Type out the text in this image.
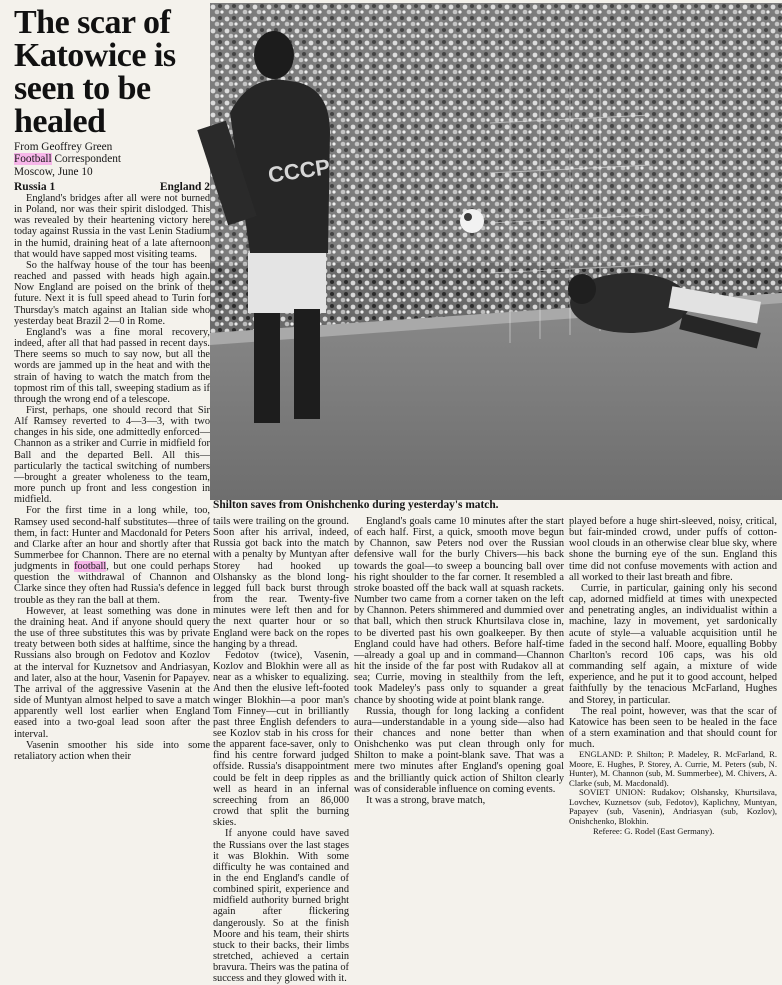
The scar of Katowice is seen to be healed
From Geoffrey Green
Football Correspondent
Moscow, June 10
Russia 1	England 2

England's bridges after all were not burned in Poland, nor was their spirit dislodged. This was revealed by their heartening victory here today against Russia in the vast Lenin Stadium in the humid, draining heat of a late afternoon that would have sapped most visiting teams.

So the halfway house of the tour has been reached and passed with heads high again. Now England are poised on the brink of the future. Next it is full speed ahead to Turin for Thursday's match against an Italian side who yesterday beat Brazil 2—0 in Rome.

England's was a fine moral recovery, indeed, after all that had passed in recent days. There seems so much to say now, but all the words are jammed up in the heat and with the strain of having to watch the match from the topmost rim of this tall, sweeping stadium as if through the wrong end of a telescope.

First, perhaps, one should record that Sir Alf Ramsey reverted to 4—3—3, with two changes in his side, one admittedly enforced—Channon as a striker and Currie in midfield for Ball and the departed Bell. All this—particularly the tactical switching of numbers—brought a greater wholeness to the team, more punch up front and less congestion in midfield.

For the first time in a long while, too, Ramsey used second-half substitutes—three of them, in fact: Hunter and Macdonald for Peters and Clarke after an hour and shortly after that Summerbee for Channon. There are no eternal judgments in football, but one could perhaps question the withdrawal of Channon and Clarke since they often had Russia's defence in trouble as they ran the ball at them.

However, at least something was done in the draining heat. And if anyone should query the use of three substitutes this was by private treaty between both sides at halftime, since the Russians also brough on Fedotov and Kozlov at the interval for Kuznetsov and Andriasyan, and later, also at the hour, Vasenin for Papayev. The arrival of the aggressive Vasenin at the side of Muntyan almost helped to save a match apparently well lost earlier when England eased into a two-goal lead soon after the interval.

Vasenin smoother his side into some retaliatory action when their

CCCP
Shilton saves from Onishchenko during yesterday's match.

tails were trailing on the ground. Soon after his arrival, indeed, Russia got back into the match with a penalty by Muntyan after Storey had hooked up Olshansky as the blond long-legged full back burst through from the rear. Twenty-five minutes were left then and for the next quarter hour or so England were back on the ropes hanging by a thread.

Fedotov (twice), Vasenin, Kozlov and Blokhin were all as near as a whisker to equalizing. And then the elusive left-footed winger Blokhin—a poor man's Tom Finney—cut in brilliantly past three English defenders to see Kozlov stab in his cross for the apparent face-saver, only to find his centre forward judged offside. Russia's disappointment could be felt in deep ripples as well as heard in an infernal screeching from an 86,000 crowd that split the burning skies.

If anyone could have saved the Russians over the last stages it was Blokhin. With some difficulty he was contained and in the end England's candle of combined spirit, experience and midfield authority burned bright again after flickering dangerously. So at the finish Moore and his team, their shirts stuck to their backs, their limbs stretched, achieved a certain bravura. Theirs was the patina of success and they glowed with it.

England's goals came 10 minutes after the start of each half. First, a quick, smooth move begun by Channon, saw Peters nod over the Russian defensive wall for the burly Chivers—his back towards the goal—to sweep a bouncing ball over his right shoulder to the far corner. It resembled a stroke boasted off the back wall at squash rackets. Number two came from a corner taken on the left by Channon. Peters shimmered and dummied over that ball, which then struck Khurtsilava close in, to be diverted past his own goalkeeper. By then England could have had others. Before half-time—already a goal up and in command—Channon hit the inside of the far post with Rudakov all at sea; Currie, moving in stealthily from the left, took Madeley's pass only to squander a great chance by shooting wide at point blank range.

Russia, though for long lacking a confident aura—understandable in a young side—also had their chances and none better than when Onishchenko was put clean through only for Shilton to make a point-blank save. That was a mere two minutes after England's opening goal and the brilliantly quick action of Shilton clearly was of considerable influence on coming events.

It was a strong, brave match,

played before a huge shirt-sleeved, noisy, critical, but fair-minded crowd, under puffs of cotton-wool clouds in an otherwise clear blue sky, where shone the burning eye of the sun. England this time did not confuse movements with action and all worked to their last breath and fibre.

Currie, in particular, gaining only his second cap, adorned midfield at times with unexpected and penetrating angles, an individualist within a machine, lazy in movement, yet sardonically acute of style—a valuable acquisition until he faded in the second half. Moore, equalling Bobby Charlton's record 106 caps, was his old commanding self again, a mixture of wide experience, and he put it to good account, helped faithfully by the tenacious McFarland, Hughes and Storey, in particular.

The real point, however, was that the scar of Katowice has been seen to be healed in the face of a stern examination and that should count for much.

ENGLAND: P. Shilton; P. Madeley, R. McFarland, R. Moore, E. Hughes, P. Storey, A. Currie, M. Peters (sub, N. Hunter), M. Channon (sub, M. Summerbee), M. Chivers, A. Clarke (sub, M. Macdonald).

SOVIET UNION: Rudakov; Olshansky, Khurtsilava, Lovchev, Kuznetsov (sub, Fedotov), Kaplichny, Muntyan, Papayev (sub, Vasenin), Andriasyan (sub, Kozlov), Onishchenko, Blokhin.

Referee: G. Rodel (East Germany).
